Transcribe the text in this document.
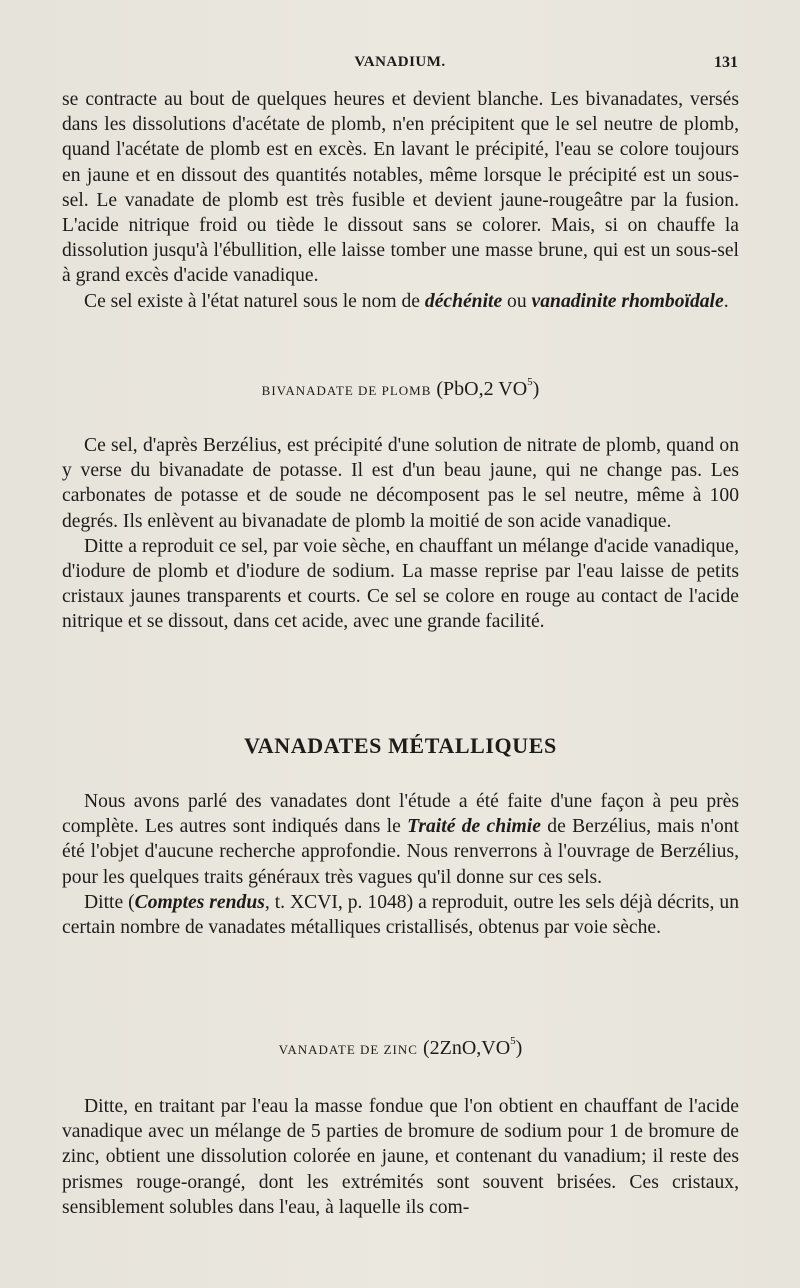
VANADIUM.	131

se contracte au bout de quelques heures et devient blanche. Les bivanadates, versés dans les dissolutions d'acétate de plomb, n'en précipitent que le sel neutre de plomb, quand l'acétate de plomb est en excès. En lavant le précipité, l'eau se colore toujours en jaune et en dissout des quantités notables, même lorsque le précipité est un sous-sel. Le vanadate de plomb est très fusible et devient jaune-rougeâtre par la fusion. L'acide nitrique froid ou tiède le dissout sans se colorer. Mais, si on chauffe la dissolution jusqu'à l'ébullition, elle laisse tomber une masse brune, qui est un sous-sel à grand excès d'acide vanadique.

Ce sel existe à l'état naturel sous le nom de déchénite ou vanadinite rhomboïdale.

BIVANADATE DE PLOMB (PbO,2 $VO^5$)

Ce sel, d'après Berzélius, est précipité d'une solution de nitrate de plomb, quand on y verse du bivanadate de potasse. Il est d'un beau jaune, qui ne change pas. Les carbonates de potasse et de soude ne décomposent pas le sel neutre, même à 100 degrés. Ils enlèvent au bivanadate de plomb la moitié de son acide vanadique.

Ditte a reproduit ce sel, par voie sèche, en chauffant un mélange d'acide vanadique, d'iodure de plomb et d'iodure de sodium. La masse reprise par l'eau laisse de petits cristaux jaunes transparents et courts. Ce sel se colore en rouge au contact de l'acide nitrique et se dissout, dans cet acide, avec une grande facilité.

VANADATES MÉTALLIQUES

Nous avons parlé des vanadates dont l'étude a été faite d'une façon à peu près complète. Les autres sont indiqués dans le Traité de chimie de Berzélius, mais n'ont été l'objet d'aucune recherche approfondie. Nous renverrons à l'ouvrage de Berzélius, pour les quelques traits généraux très vagues qu'il donne sur ces sels.

Ditte (Comptes rendus, t. XCVI, p. 1048) a reproduit, outre les sels déjà décrits, un certain nombre de vanadates métalliques cristallisés, obtenus par voie sèche.

VANADATE DE ZINC $(2ZnO,VO^5)$

Ditte, en traitant par l'eau la masse fondue que l'on obtient en chauffant de l'acide vanadique avec un mélange de 5 parties de bromure de sodium pour 1 de bromure de zinc, obtient une dissolution colorée en jaune, et contenant du vanadium; il reste des prismes rouge-orangé, dont les extrémités sont souvent brisées. Ces cristaux, sensiblement solubles dans l'eau, à laquelle ils com-
